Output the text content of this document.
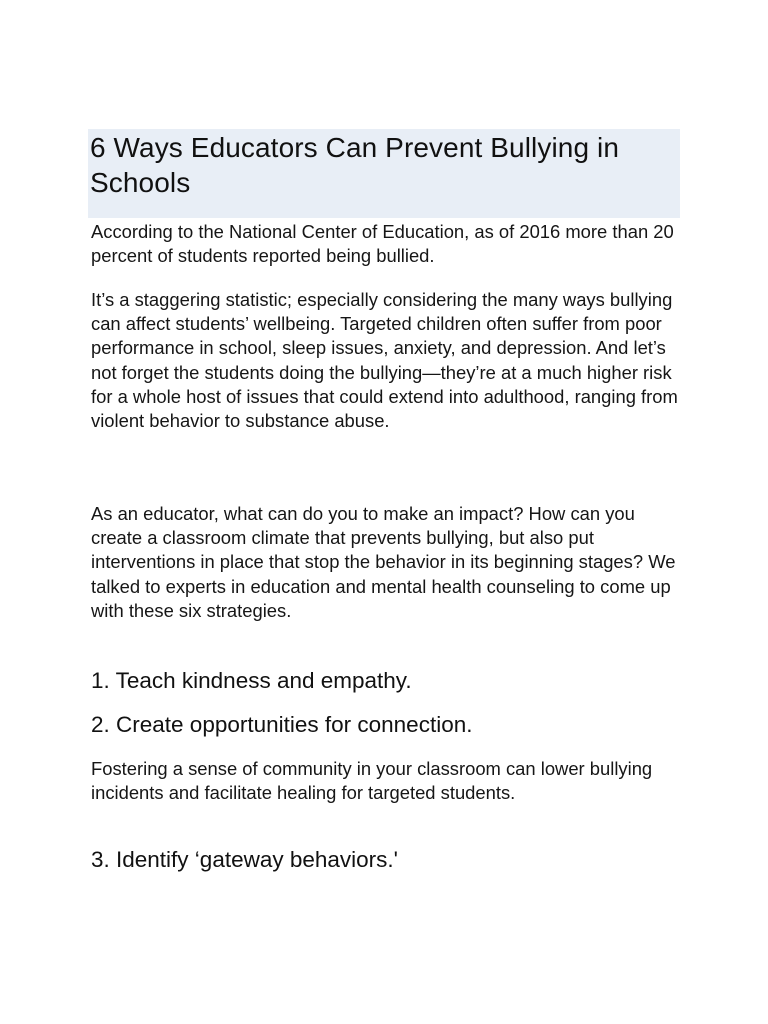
6 Ways Educators Can Prevent Bullying in Schools

According to the National Center of Education, as of 2016 more than 20 percent of students reported being bullied.

It’s a staggering statistic; especially considering the many ways bullying can affect students’ wellbeing. Targeted children often suffer from poor performance in school, sleep issues, anxiety, and depression. And let’s not forget the students doing the bullying—they’re at a much higher risk for a whole host of issues that could extend into adulthood, ranging from violent behavior to substance abuse.

As an educator, what can do you to make an impact? How can you create a classroom climate that prevents bullying, but also put interventions in place that stop the behavior in its beginning stages? We talked to experts in education and mental health counseling to come up with these six strategies.

1. Teach kindness and empathy.
2. Create opportunities for connection.

Fostering a sense of community in your classroom can lower bullying incidents and facilitate healing for targeted students.

3. Identify ‘gateway behaviors.'
